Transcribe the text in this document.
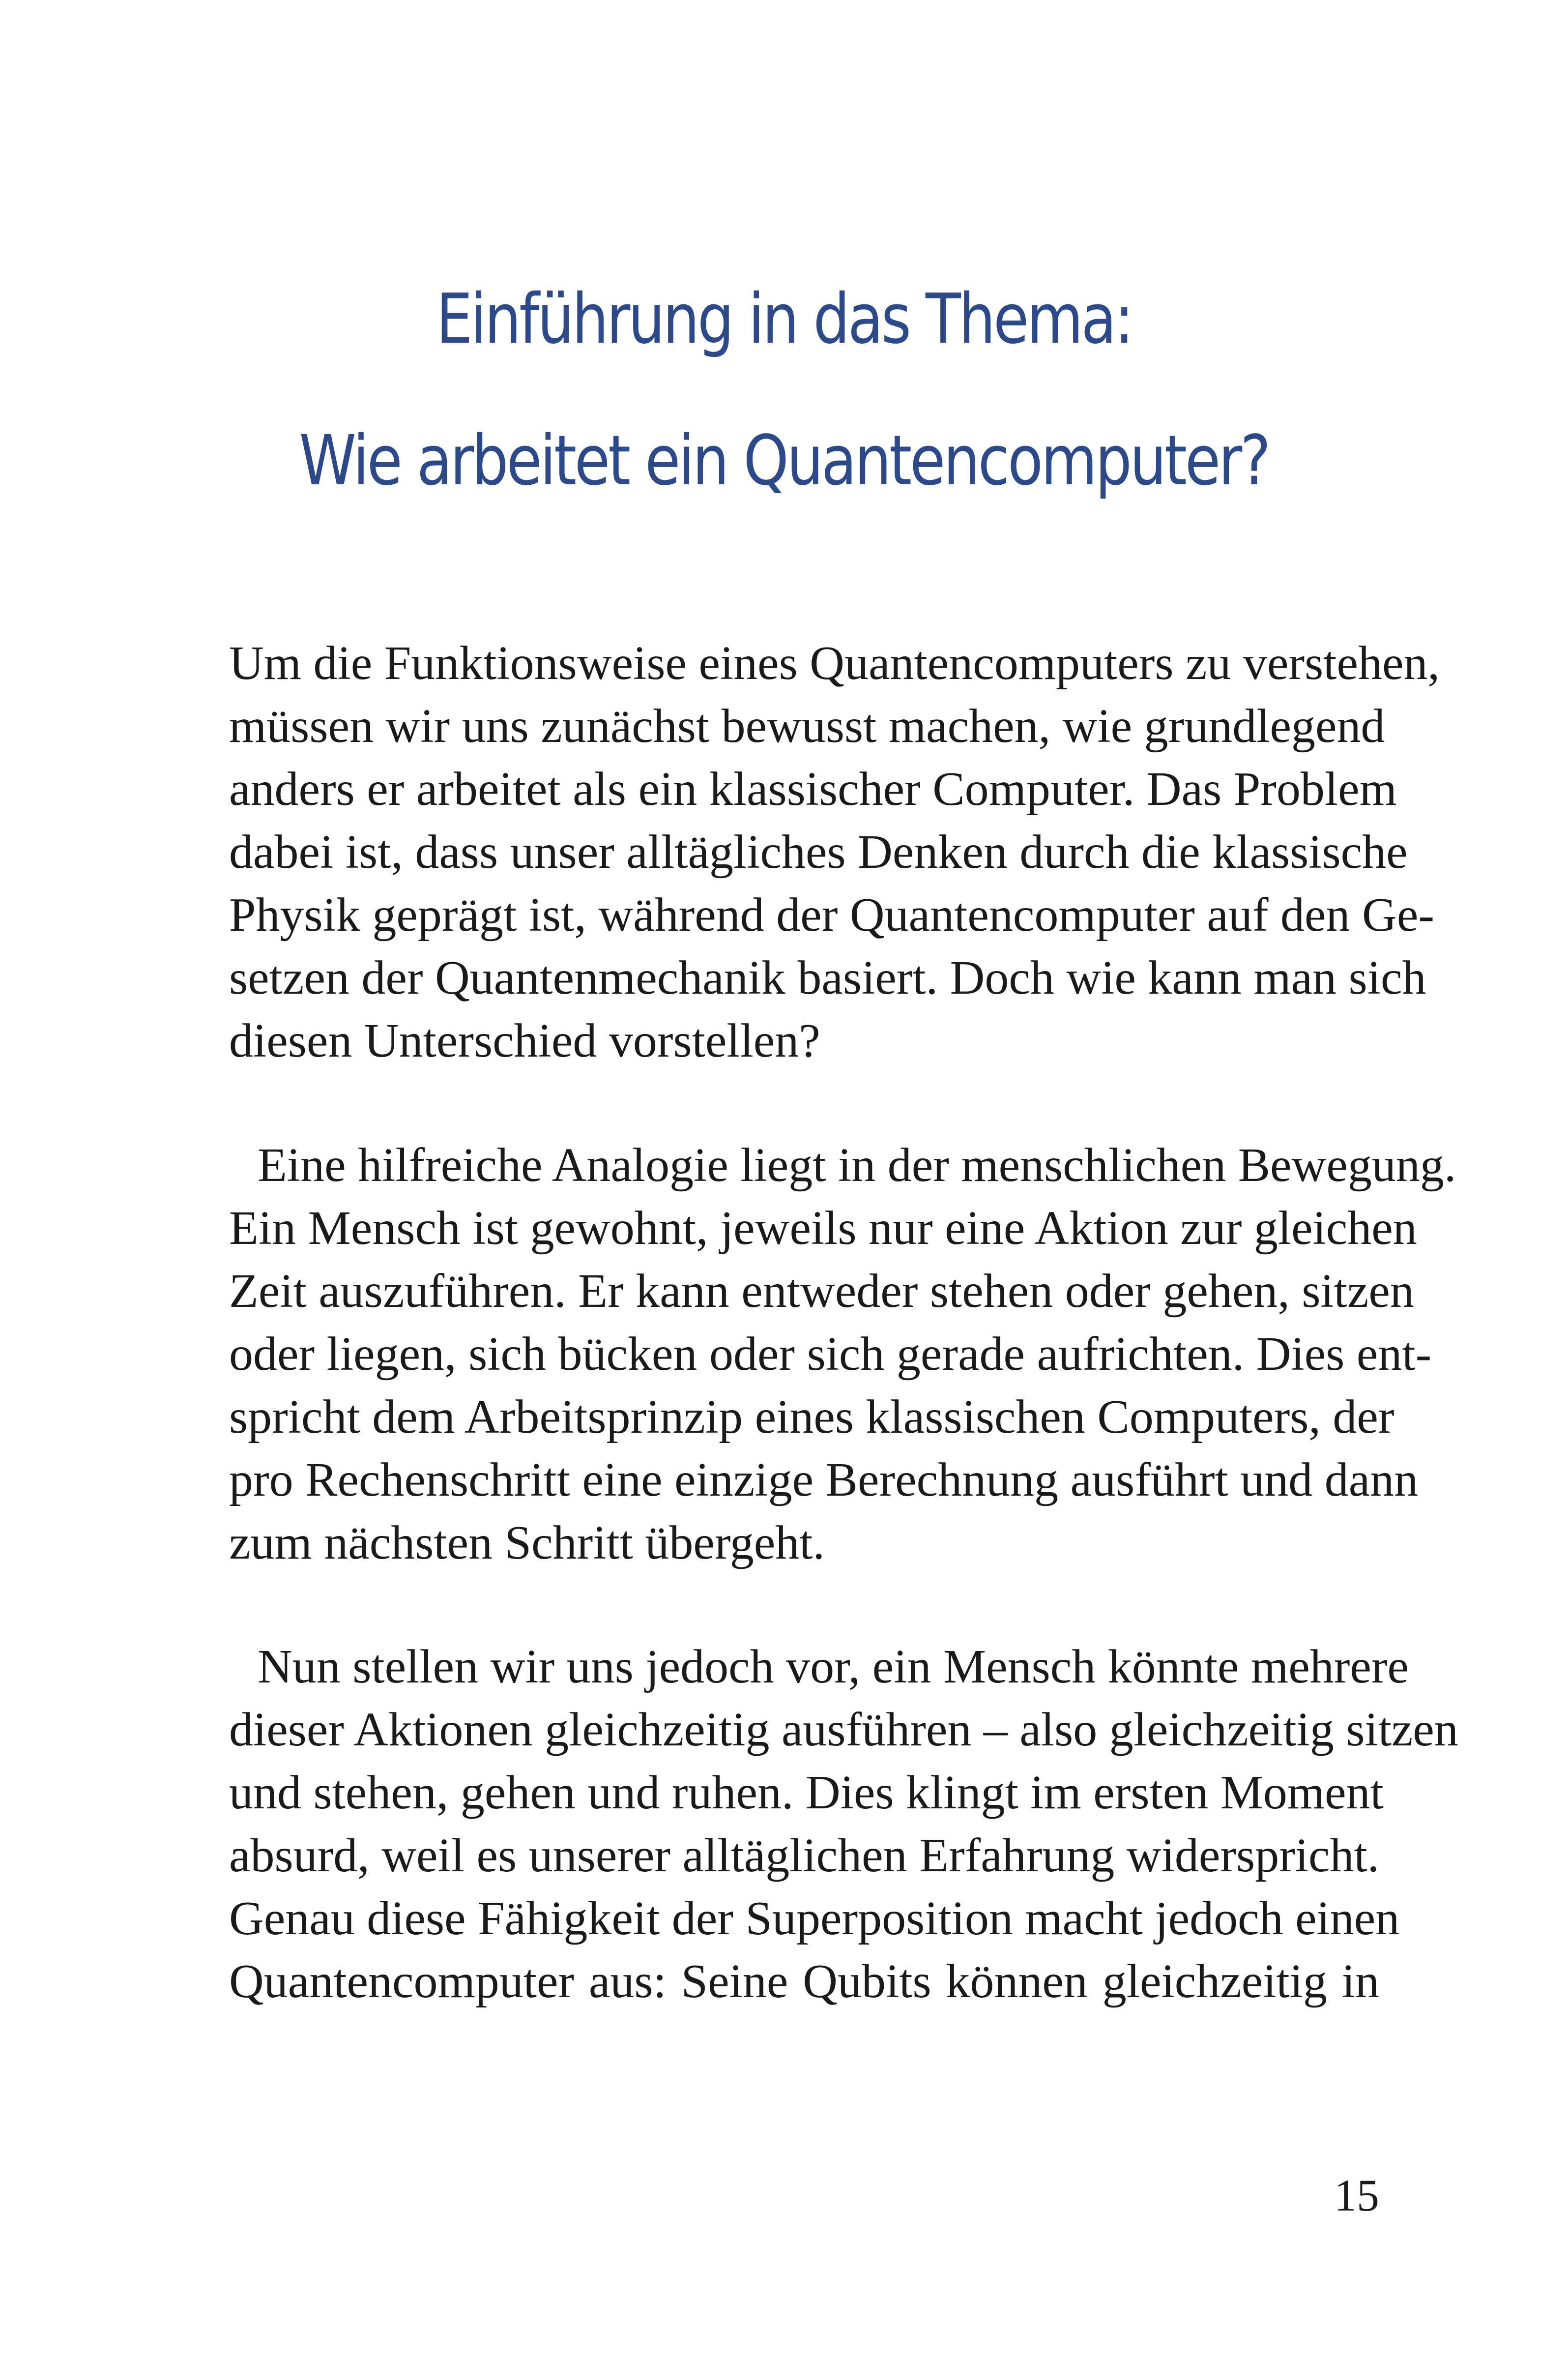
Einführung in das Thema:
Wie arbeitet ein Quantencomputer?
Um die Funktionsweise eines Quantencomputers zu verstehen,
müssen wir uns zunächst bewusst machen, wie grundlegend
anders er arbeitet als ein klassischer Computer. Das Problem
dabei ist, dass unser alltägliches Denken durch die klassische
Physik geprägt ist, während der Quantencomputer auf den Ge-
setzen der Quantenmechanik basiert. Doch wie kann man sich
diesen Unterschied vorstellen?
Eine hilfreiche Analogie liegt in der menschlichen Bewegung.
Ein Mensch ist gewohnt, jeweils nur eine Aktion zur gleichen
Zeit auszuführen. Er kann entweder stehen oder gehen, sitzen
oder liegen, sich bücken oder sich gerade aufrichten. Dies ent-
spricht dem Arbeitsprinzip eines klassischen Computers, der
pro Rechenschritt eine einzige Berechnung ausführt und dann
zum nächsten Schritt übergeht.
Nun stellen wir uns jedoch vor, ein Mensch könnte mehrere
dieser Aktionen gleichzeitig ausführen – also gleichzeitig sitzen
und stehen, gehen und ruhen. Dies klingt im ersten Moment
absurd, weil es unserer alltäglichen Erfahrung widerspricht.
Genau diese Fähigkeit der Superposition macht jedoch einen
Quantencomputer aus: Seine Qubits können gleichzeitig in
15
